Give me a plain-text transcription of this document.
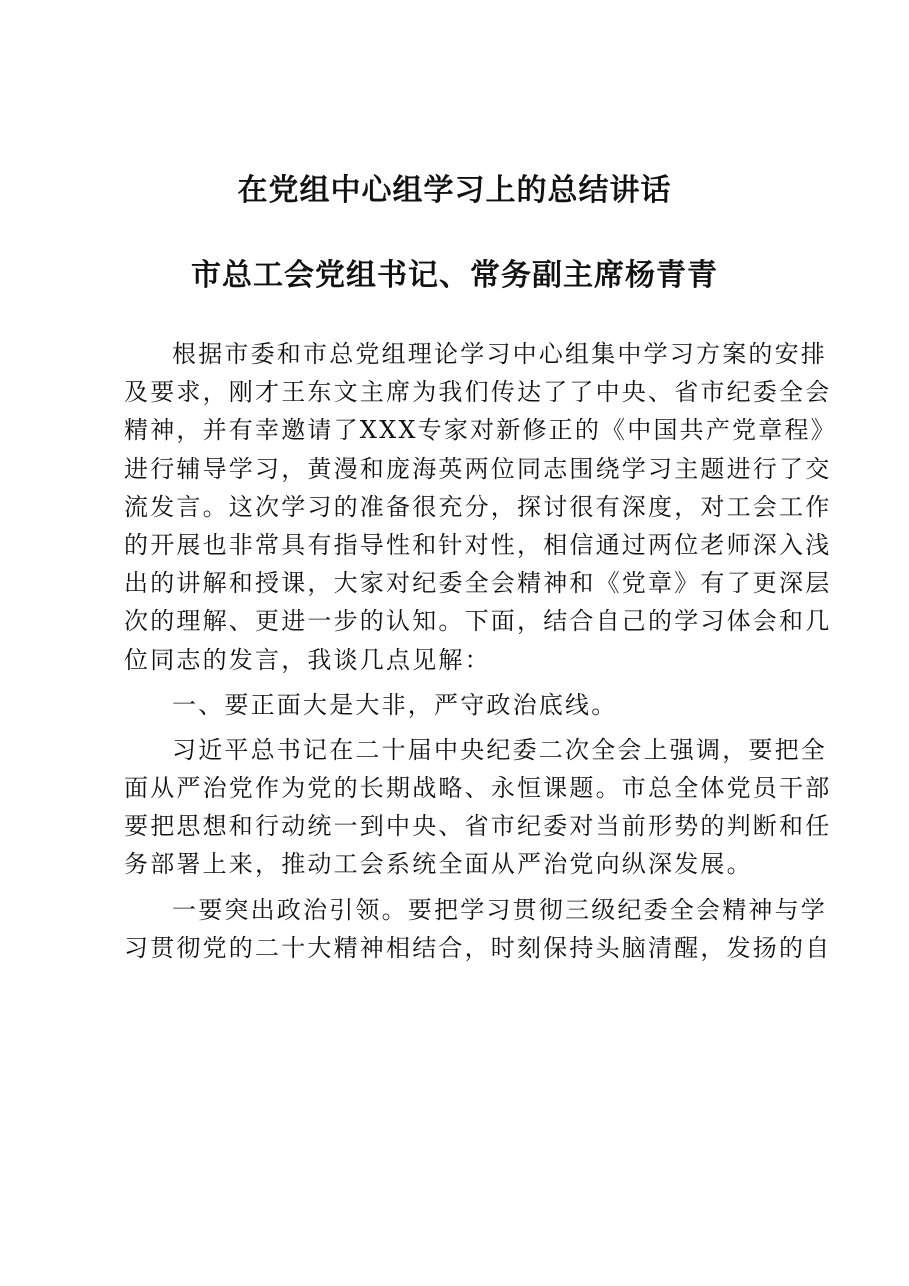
在党组中心组学习上的总结讲话
市总工会党组书记、常务副主席杨青青
根据市委和市总党组理论学习中心组集中学习方案的安排
及要求，刚才王东文主席为我们传达了了中央、省市纪委全会
精神，并有幸邀请了XXX专家对新修正的《中国共产党章程》
进行辅导学习，黄漫和庞海英两位同志围绕学习主题进行了交
流发言。这次学习的准备很充分，探讨很有深度，对工会工作
的开展也非常具有指导性和针对性，相信通过两位老师深入浅
出的讲解和授课，大家对纪委全会精神和《党章》有了更深层
次的理解、更进一步的认知。下面，结合自己的学习体会和几
位同志的发言，我谈几点见解：
一、要正面大是大非，严守政治底线。
习近平总书记在二十届中央纪委二次全会上强调，要把全
面从严治党作为党的长期战略、永恒课题。市总全体党员干部
要把思想和行动统一到中央、省市纪委对当前形势的判断和任
务部署上来，推动工会系统全面从严治党向纵深发展。
一要突出政治引领。要把学习贯彻三级纪委全会精神与学
习贯彻党的二十大精神相结合，时刻保持头脑清醒，发扬的自
